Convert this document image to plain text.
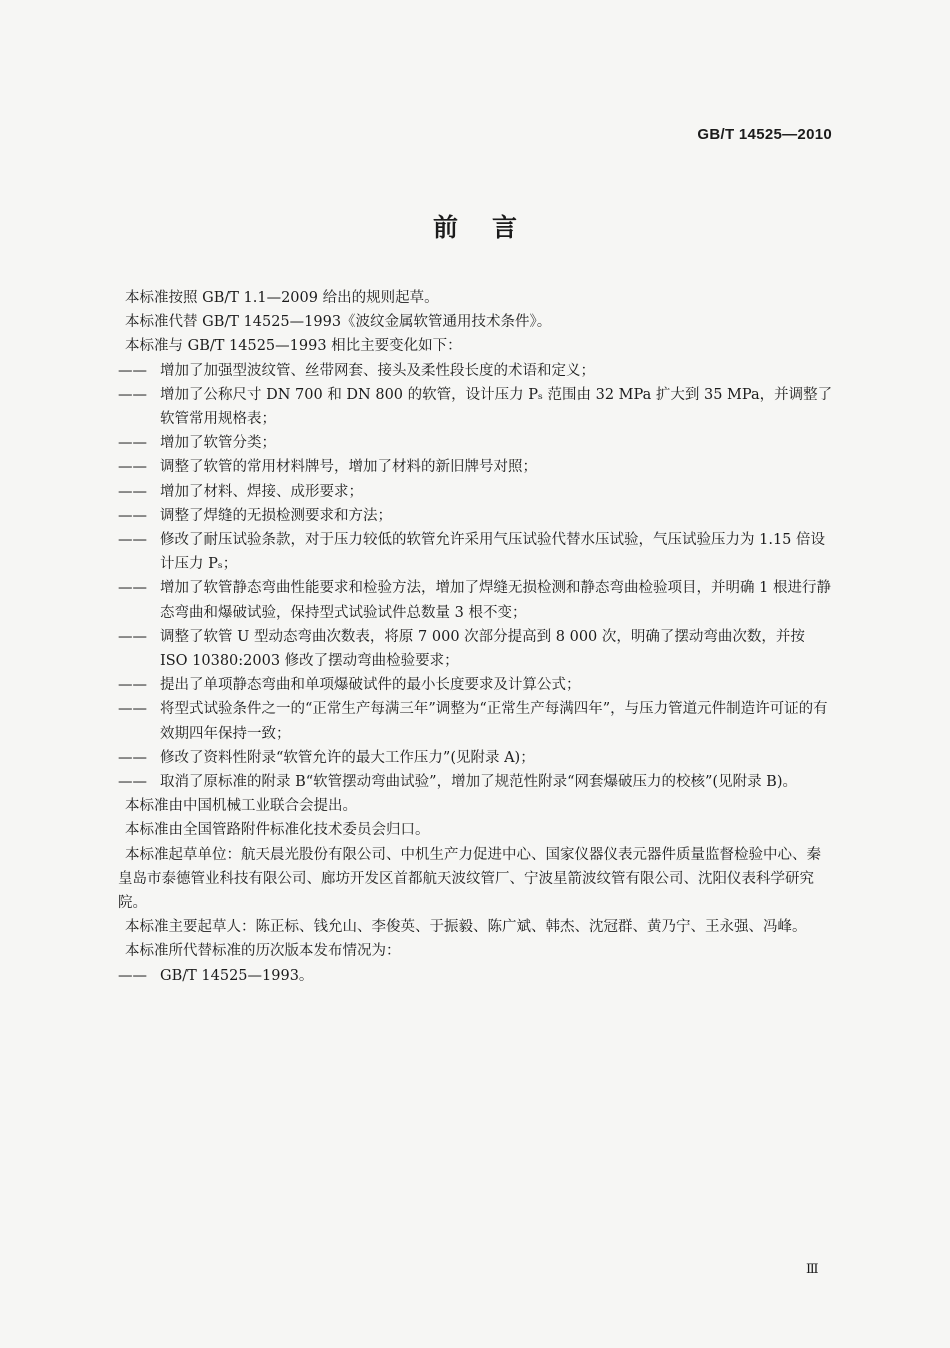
GB/T 14525—2010
前言

本标准按照 GB/T 1.1—2009 给出的规则起草。

本标准代替 GB/T 14525—1993《波纹金属软管通用技术条件》。

本标准与 GB/T 14525—1993 相比主要变化如下：

—— 增加了加强型波纹管、丝带网套、接头及柔性段长度的术语和定义；
—— 增加了公称尺寸 DN 700 和 DN 800 的软管，设计压力 Pₛ 范围由 32 MPa 扩大到 35 MPa，并调整了软管常用规格表；
—— 增加了软管分类；
—— 调整了软管的常用材料牌号，增加了材料的新旧牌号对照；
—— 增加了材料、焊接、成形要求；
—— 调整了焊缝的无损检测要求和方法；
—— 修改了耐压试验条款，对于压力较低的软管允许采用气压试验代替水压试验，气压试验压力为 1.15 倍设计压力 Pₛ；
—— 增加了软管静态弯曲性能要求和检验方法，增加了焊缝无损检测和静态弯曲检验项目，并明确 1 根进行静态弯曲和爆破试验，保持型式试验试件总数量 3 根不变；
—— 调整了软管 U 型动态弯曲次数表，将原 7 000 次部分提高到 8 000 次，明确了摆动弯曲次数，并按 ISO 10380:2003 修改了摆动弯曲检验要求；
—— 提出了单项静态弯曲和单项爆破试件的最小长度要求及计算公式；
—— 将型式试验条件之一的“正常生产每满三年”调整为“正常生产每满四年”，与压力管道元件制造许可证的有效期四年保持一致；
—— 修改了资料性附录“软管允许的最大工作压力”(见附录 A)；
—— 取消了原标准的附录 B“软管摆动弯曲试验”，增加了规范性附录“网套爆破压力的校核”(见附录 B)。

本标准由中国机械工业联合会提出。

本标准由全国管路附件标准化技术委员会归口。

本标准起草单位：航天晨光股份有限公司、中机生产力促进中心、国家仪器仪表元器件质量监督检验中心、秦皇岛市泰德管业科技有限公司、廊坊开发区首都航天波纹管厂、宁波星箭波纹管有限公司、沈阳仪表科学研究院。

本标准主要起草人：陈正标、钱允山、李俊英、于振毅、陈广斌、韩杰、沈冠群、黄乃宁、王永强、冯峰。

本标准所代替标准的历次版本发布情况为：

—— GB/T 14525—1993。
Ⅲ
